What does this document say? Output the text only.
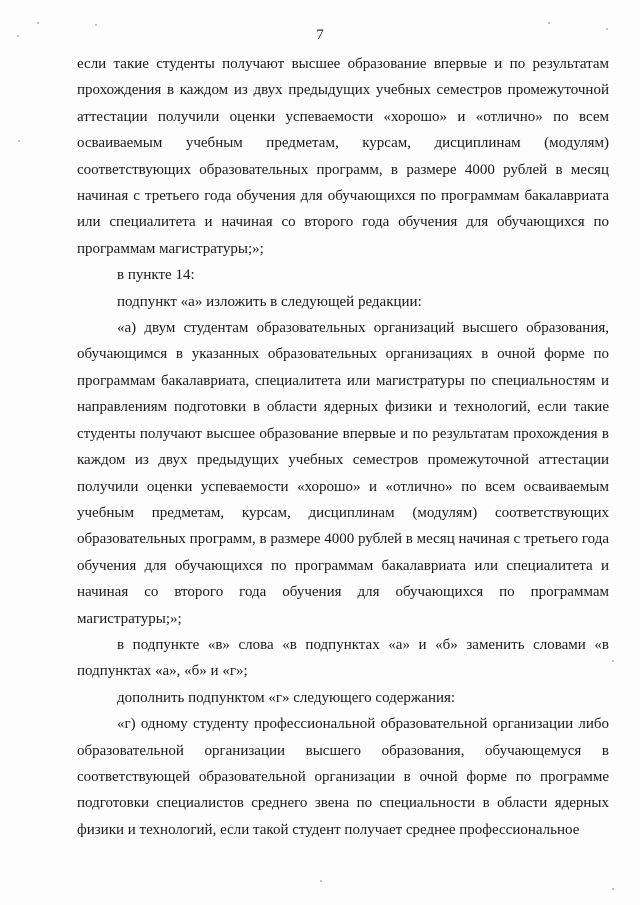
7

если такие студенты получают высшее образование впервые и по результатам прохождения в каждом из двух предыдущих учебных семестров промежуточной аттестации получили оценки успеваемости «хорошо» и «отлично» по всем осваиваемым учебным предметам, курсам, дисциплинам (модулям) соответствующих образовательных программ, в размере 4000 рублей в месяц начиная с третьего года обучения для обучающихся по программам бакалавриата или специалитета и начиная со второго года обучения для обучающихся по программам магистратуры;»;

в пункте 14:

подпункт «а» изложить в следующей редакции:

«а) двум студентам образовательных организаций высшего образования, обучающимся в указанных образовательных организациях в очной форме по программам бакалавриата, специалитета или магистратуры по специальностям и направлениям подготовки в области ядерных физики и технологий, если такие студенты получают высшее образование впервые и по результатам прохождения в каждом из двух предыдущих учебных семестров промежуточной аттестации получили оценки успеваемости «хорошо» и «отлично» по всем осваиваемым учебным предметам, курсам, дисциплинам (модулям) соответствующих образовательных программ, в размере 4000 рублей в месяц начиная с третьего года обучения для обучающихся по программам бакалавриата или специалитета и начиная со второго года обучения для обучающихся по программам магистратуры;»;

в подпункте «в» слова «в подпунктах «а» и «б» заменить словами «в подпунктах «а», «б» и «г»;

дополнить подпунктом «г» следующего содержания:

«г) одному студенту профессиональной образовательной организации либо образовательной организации высшего образования, обучающемуся в соответствующей образовательной организации в очной форме по программе подготовки специалистов среднего звена по специальности в области ядерных физики и технологий, если такой студент получает среднее профессиональное
